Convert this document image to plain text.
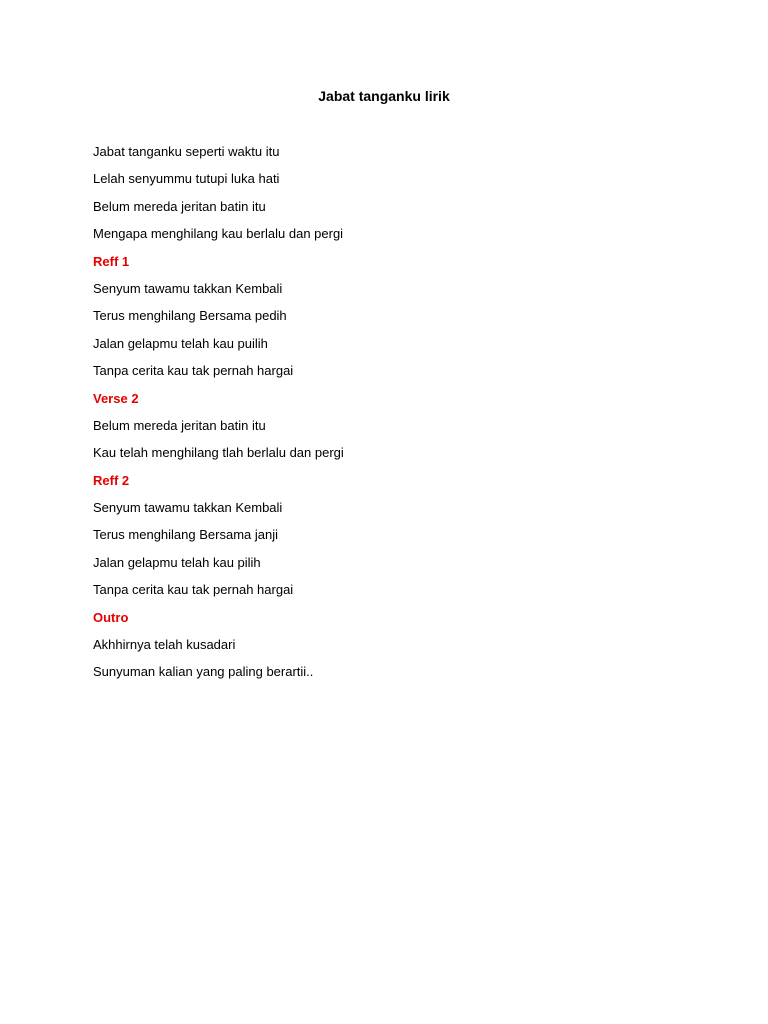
Jabat tanganku lirik
Jabat tanganku seperti waktu itu
Lelah senyummu tutupi luka hati
Belum mereda jeritan batin itu
Mengapa menghilang kau berlalu dan pergi
Reff 1
Senyum tawamu takkan Kembali
Terus menghilang Bersama pedih
Jalan gelapmu telah kau puilih
Tanpa cerita kau tak pernah hargai
Verse 2
Belum mereda jeritan batin itu
Kau telah menghilang tlah berlalu dan pergi
Reff 2
Senyum tawamu takkan Kembali
Terus menghilang Bersama janji
Jalan gelapmu telah kau pilih
Tanpa cerita kau tak pernah hargai
Outro
Akhhirnya telah kusadari
Sunyuman kalian yang paling berartii..
